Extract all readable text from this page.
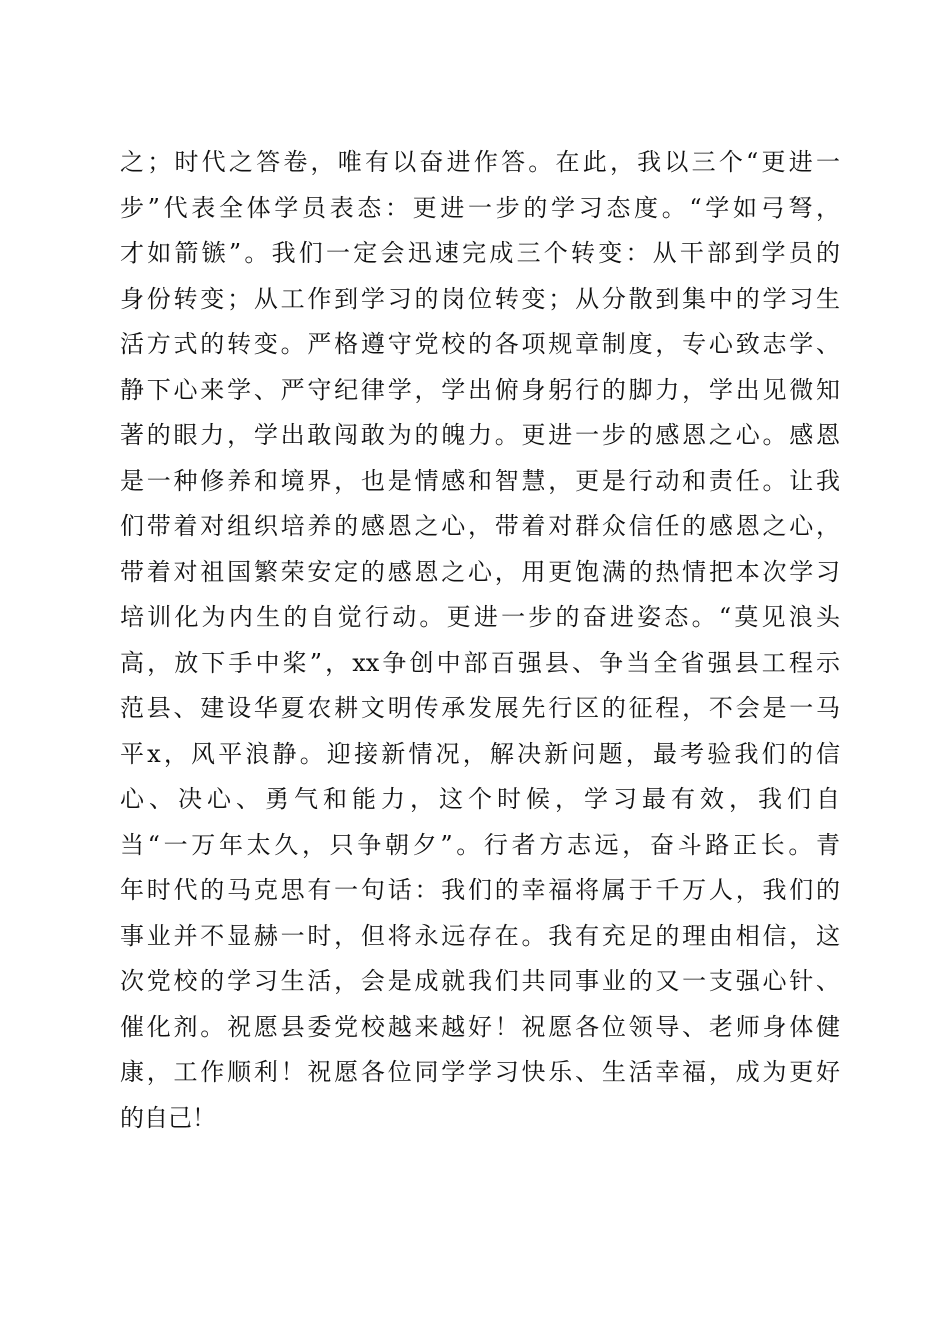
之；时代之答卷，唯有以奋进作答。在此，我以三个“更进一
步”代表全体学员表态：更进一步的学习态度。“学如弓弩，
才如箭镞”。我们一定会迅速完成三个转变：从干部到学员的
身份转变；从工作到学习的岗位转变；从分散到集中的学习生
活方式的转变。严格遵守党校的各项规章制度，专心致志学、
静下心来学、严守纪律学，学出俯身躬行的脚力，学出见微知
著的眼力，学出敢闯敢为的魄力。更进一步的感恩之心。感恩
是一种修养和境界，也是情感和智慧，更是行动和责任。让我
们带着对组织培养的感恩之心，带着对群众信任的感恩之心，
带着对祖国繁荣安定的感恩之心，用更饱满的热情把本次学习
培训化为内生的自觉行动。更进一步的奋进姿态。“莫见浪头
高，放下手中桨”，xx争创中部百强县、争当全省强县工程示
范县、建设华夏农耕文明传承发展先行区的征程，不会是一马
平x，风平浪静。迎接新情况，解决新问题，最考验我们的信
心、决心、勇气和能力，这个时候，学习最有效，我们自
当“一万年太久，只争朝夕”。行者方志远，奋斗路正长。青
年时代的马克思有一句话：我们的幸福将属于千万人，我们的
事业并不显赫一时，但将永远存在。我有充足的理由相信，这
次党校的学习生活，会是成就我们共同事业的又一支强心针、
催化剂。祝愿县委党校越来越好！祝愿各位领导、老师身体健
康，工作顺利！祝愿各位同学学习快乐、生活幸福，成为更好
的自己！
